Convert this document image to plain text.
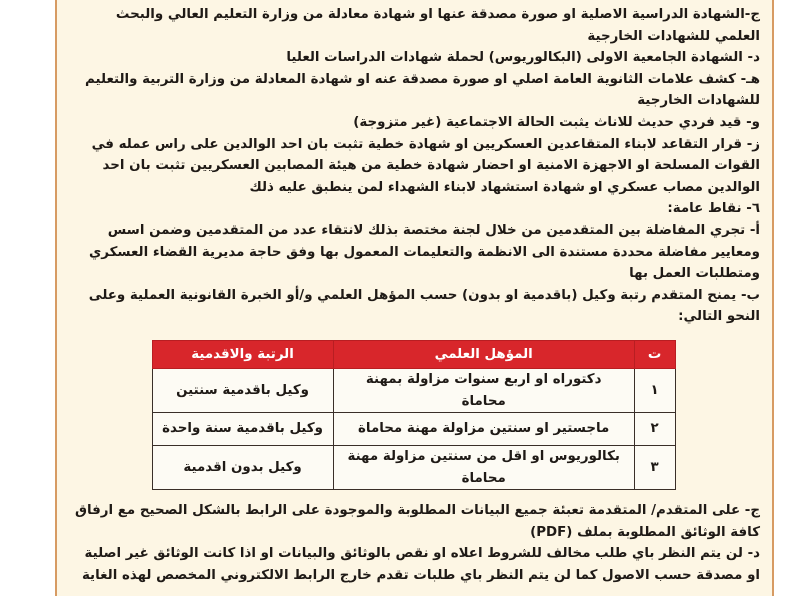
ج-الشهادة الدراسية الاصلية او صورة مصدقة عنها او شهادة معادلة من وزارة التعليم العالي والبحث العلمي للشهادات الخارجية

د- الشهادة الجامعية الاولى (البكالوريوس) لحملة شهادات الدراسات العليا

هـ- كشف علامات الثانوية العامة اصلي او صورة مصدقة عنه او شهادة المعادلة من وزارة التربية والتعليم للشهادات الخارجية

و- قيد فردي حديث للاناث يثبت الحالة الاجتماعية (غير متزوجة)

ز- قرار التقاعد لابناء المتقاعدين العسكريين او شهادة خطية تثبت بان احد الوالدين على راس عمله في القوات المسلحة او الاجهزة الامنية او احضار شهادة خطية من هيئة المصابين العسكريين تثبت بان احد الوالدين مصاب عسكري او شهادة استشهاد لابناء الشهداء لمن ينطبق عليه ذلك

٦- نقاط عامة:

أ- تجري المفاضلة بين المتقدمين من خلال لجنة مختصة بذلك لانتقاء عدد من المتقدمين وضمن اسس ومعايير مفاضلة محددة مستندة الى الانظمة والتعليمات المعمول بها وفق حاجة مديرية القضاء العسكري ومتطلبات العمل بها

ب- يمنح المتقدم رتبة وكيل (باقدمية او بدون) حسب المؤهل العلمي و/أو الخبرة القانونية العملية وعلى النحو التالي:

ت	المؤهل العلمي	الرتبة والاقدمية
١	دكتوراه او اربع سنوات مزاولة بمهنة محاماة	وكيل باقدمية سنتين
٢	ماجستير او سنتين مزاولة مهنة محاماة	وكيل باقدمية سنة واحدة
٣	بكالوريوس او اقل من سنتين مزاولة مهنة محاماة	وكيل بدون اقدمية

ج- على المتقدم/ المتقدمة تعبئة جميع البيانات المطلوبة والموجودة على الرابط بالشكل الصحيح مع ارفاق كافة الوثائق المطلوبة بملف (PDF)

د- لن يتم النظر باي طلب مخالف للشروط اعلاه او نقص بالوثائق والبيانات او اذا كانت الوثائق غير اصلية او مصدقة حسب الاصول كما لن يتم النظر باي طلبات تقدم خارج الرابط الالكتروني المخصص لهذه الغاية
